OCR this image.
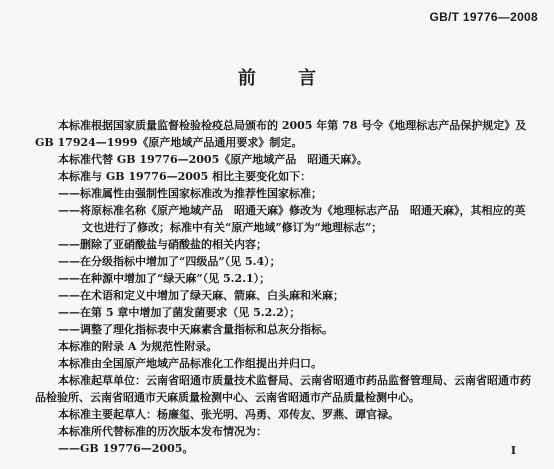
GB/T 19776—2008
前 言
本标准根据国家质量监督检验检疫总局颁布的 2005 年第 78 号令《地理标志产品保护规定》及
GB 17924—1999《原产地域产品通用要求》制定。
本标准代替 GB 19776—2005《原产地域产品　昭通天麻》。
本标准与 GB 19776—2005 相比主要变化如下：
——标准属性由强制性国家标准改为推荐性国家标准；
——将原标准名称《原产地域产品　昭通天麻》修改为《地理标志产品　昭通天麻》，其相应的英
文也进行了修改；标准中有关“原产地域”修订为“地理标志”；
——删除了亚硝酸盐与硝酸盐的相关内容；
——在分级指标中增加了“四级品”（见 5.4）；
——在种源中增加了“绿天麻”（见 5.2.1）；
——在术语和定义中增加了绿天麻、箭麻、白头麻和米麻；
——在第 5 章中增加了菌发菌要求（见 5.2.2）；
——调整了理化指标表中天麻素含量指标和总灰分指标。
本标准的附录 A 为规范性附录。
本标准由全国原产地域产品标准化工作组提出并归口。
本标准起草单位：云南省昭通市质量技术监督局、云南省昭通市药品监督管理局、云南省昭通市药
品检验所、云南省昭通市天麻质量检测中心、云南省昭通市产品质量检测中心。
本标准主要起草人：杨廉玺、张光明、冯勇、邓传友、罗燕、谭官禄。
本标准所代替标准的历次版本发布情况为：
——GB 19776—2005。	I
